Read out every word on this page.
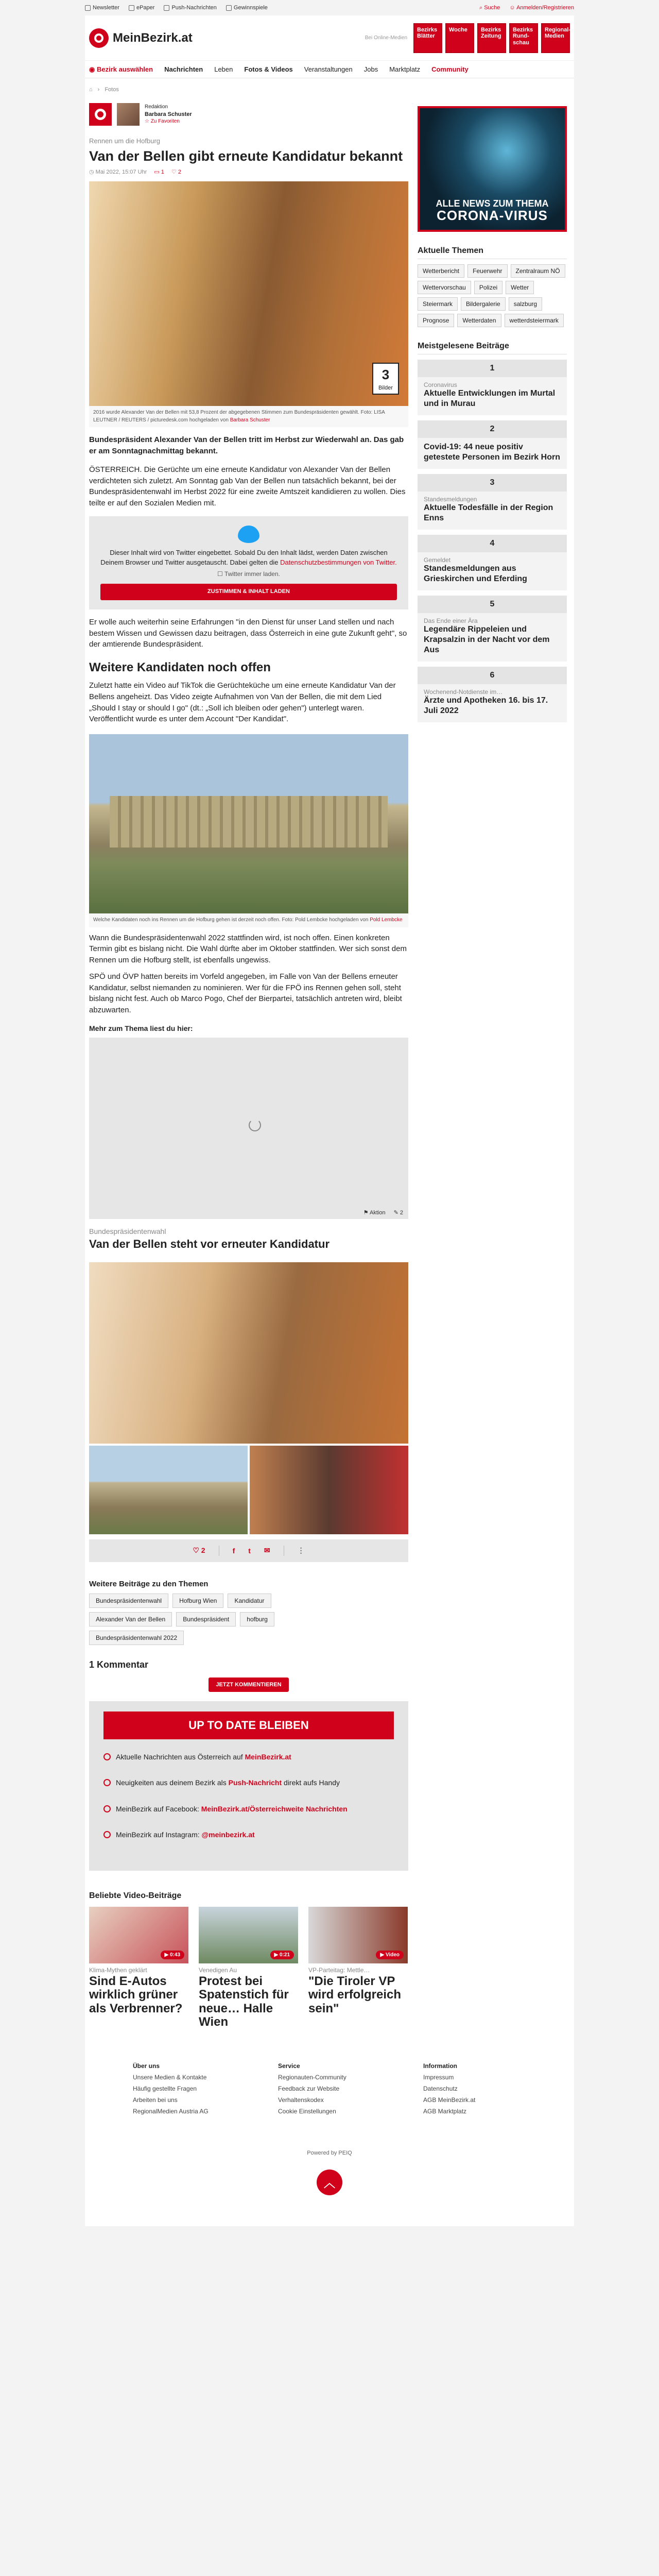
Newsletter	ePaper	Push-Nachrichten	Gewinnspiele	⌕ Suche ☺ Anmelden/Registrieren
MeinBezirk.at	Bei Online-Medien
Bezirks Blätter
Woche	Bezirks Zeitung
Bezirks Rund-schau
Regional-Medien
◉ Bezirk auswählen Nachrichten Leben Fotos & Videos Veranstaltungen Jobs Marktplatz Community
⌂ › Fotos
Redaktion
Barbara Schuster
☆ Zu Favoriten
Rennen um die Hofburg
Van der Bellen gibt erneute Kandidatur bekannt
◷ Mai 2022, 15:07 Uhr ▭ 1 ♡ 2
3
Bilder
2016 wurde Alexander Van der Bellen mit 53,8 Prozent der abgegebenen Stimmen zum Bundespräsidenten gewählt. Foto: LISA LEUTNER / REUTERS / picturedesk.com hochgeladen von Barbara Schuster

Bundespräsident Alexander Van der Bellen tritt im Herbst zur Wiederwahl an. Das gab er am Sonntagnachmittag bekannt.

ÖSTERREICH. Die Gerüchte um eine erneute Kandidatur von Alexander Van der Bellen verdichteten sich zuletzt. Am Sonntag gab Van der Bellen nun tatsächlich bekannt, bei der Bundespräsidentenwahl im Herbst 2022 für eine zweite Amtszeit kandidieren zu wollen. Dies teilte er auf den Sozialen Medien mit.

Dieser Inhalt wird von Twitter eingebettet. Sobald Du den Inhalt lädst, werden Daten zwischen Deinem Browser und Twitter ausgetauscht. Dabei gelten die Datenschutzbestimmungen von Twitter.
☐ Twitter immer laden.
ZUSTIMMEN & INHALT LADEN

Er wolle auch weiterhin seine Erfahrungen "in den Dienst für unser Land stellen und nach bestem Wissen und Gewissen dazu beitragen, dass Österreich in eine gute Zukunft geht", so der amtierende Bundespräsident.

Weitere Kandidaten noch offen

Zuletzt hatte ein Video auf TikTok die Gerüchteküche um eine erneute Kandidatur Van der Bellens angeheizt. Das Video zeigte Aufnahmen von Van der Bellen, die mit dem Lied „Should I stay or should I go" (dt.: „Soll ich bleiben oder gehen") unterlegt waren. Veröffentlicht wurde es unter dem Account "Der Kandidat".

Welche Kandidaten noch ins Rennen um die Hofburg gehen ist derzeit noch offen. Foto: Pold Lembcke hochgeladen von Pold Lembcke

Wann die Bundespräsidentenwahl 2022 stattfinden wird, ist noch offen. Einen konkreten Termin gibt es bislang nicht. Die Wahl dürfte aber im Oktober stattfinden. Wer sich sonst dem Rennen um die Hofburg stellt, ist ebenfalls ungewiss.

SPÖ und ÖVP hatten bereits im Vorfeld angegeben, im Falle von Van der Bellens erneuter Kandidatur, selbst niemanden zu nominieren. Wer für die FPÖ ins Rennen gehen soll, steht bislang nicht fest. Auch ob Marco Pogo, Chef der Bierpartei, tatsächlich antreten wird, bleibt abzuwarten.

Mehr zum Thema liest du hier:
⚑ Aktion ✎ 2
Bundespräsidentenwahl
Van der Bellen steht vor erneuter Kandidatur
♡ 2	f t ✉	⋮
Weitere Beiträge zu den Themen
Bundespräsidentenwahl	Hofburg Wien	Kandidatur
Alexander Van der Bellen	Bundespräsident	hofburg
Bundespräsidentenwahl 2022
1 Kommentar
JETZT KOMMENTIEREN
UP TO DATE BLEIBEN
Aktuelle Nachrichten aus Österreich auf MeinBezirk.at
Neuigkeiten aus deinem Bezirk als Push-Nachricht direkt aufs Handy
MeinBezirk auf Facebook: MeinBezirk.at/Österreichweite Nachrichten
MeinBezirk auf Instagram: @meinbezirk.at
Beliebte Video-Beiträge
▶ 0:43
Klima-Mythen geklärt
Sind E-Autos wirklich grüner als Verbrenner?
▶ 0:21
Venedigen Au
Protest bei Spatenstich für neue… Halle Wien
▶ Video
VP-Parteitag: Mettle…
"Die Tiroler VP wird erfolgreich sein"
ALLE NEWS ZUM THEMA
CORONA-VIRUS
Aktuelle Themen
Wetterbericht	Feuerwehr	Zentralraum NÖ
Wettervorschau	Polizei	Wetter
Steiermark	Bildergalerie	salzburg
Prognose	Wetterdaten	wetterdsteiermark
Meistgelesene Beiträge
1
Coronavirus
Aktuelle Entwicklungen im Murtal und in Murau
2
Covid-19: 44 neue positiv getestete Personen im Bezirk Horn
3
Standesmeldungen
Aktuelle Todesfälle in der Region Enns
4
Gemeldet
Standesmeldungen aus Grieskirchen und Eferding
5
Das Ende einer Ära
Legendäre Rippeleien und Krapsalzin in der Nacht vor dem Aus
6
Wochenend-Notdienste im…
Ärzte und Apotheken 16. bis 17. Juli 2022
Über uns
Unsere Medien & Kontakte
Häufig gestellte Fragen
Arbeiten bei uns
RegionalMedien Austria AG
Service
Regionauten-Community
Feedback zur Website
Verhaltenskodex
Cookie Einstellungen
Information
Impressum
Datenschutz
AGB MeinBezirk.at
AGB Marktplatz
Powered by PEIQ
︿
